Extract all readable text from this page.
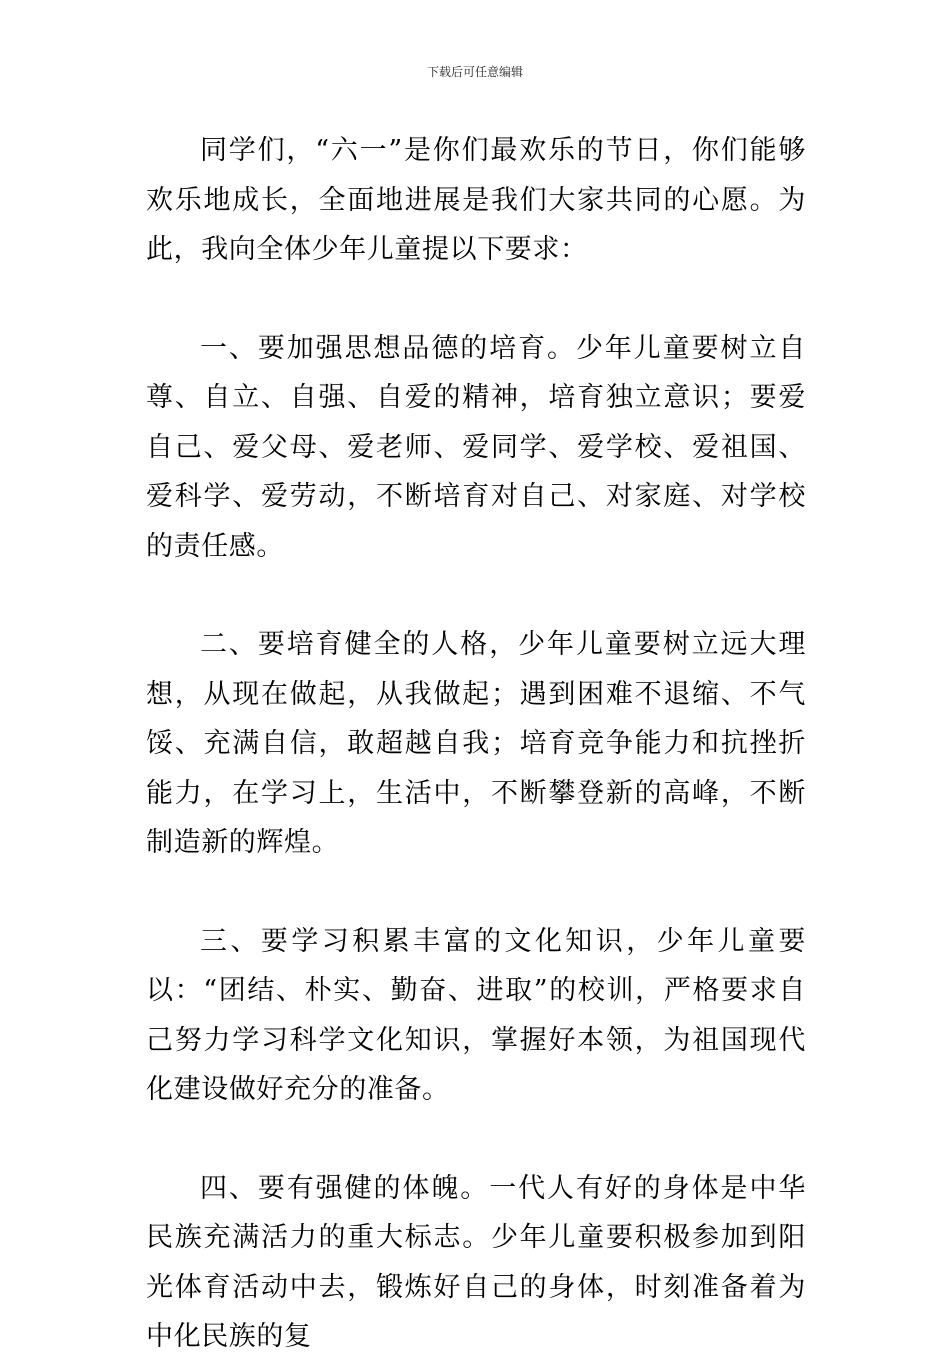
下载后可任意编辑

同学们，“六一”是你们最欢乐的节日，你们能够欢乐地成长，全面地进展是我们大家共同的心愿。为此，我向全体少年儿童提以下要求：

一、要加强思想品德的培育。少年儿童要树立自尊、自立、自强、自爱的精神，培育独立意识；要爱自己、爱父母、爱老师、爱同学、爱学校、爱祖国、爱科学、爱劳动，不断培育对自己、对家庭、对学校的责任感。

二、要培育健全的人格，少年儿童要树立远大理想，从现在做起，从我做起；遇到困难不退缩、不气馁、充满自信，敢超越自我；培育竞争能力和抗挫折能力，在学习上，生活中，不断攀登新的高峰，不断制造新的辉煌。

三、要学习积累丰富的文化知识，少年儿童要以：“团结、朴实、勤奋、进取”的校训，严格要求自己努力学习科学文化知识，掌握好本领，为祖国现代化建设做好充分的准备。

四、要有强健的体魄。一代人有好的身体是中华民族充满活力的重大标志。少年儿童要积极参加到阳光体育活动中去，锻炼好自己的身体，时刻准备着为中化民族的复
